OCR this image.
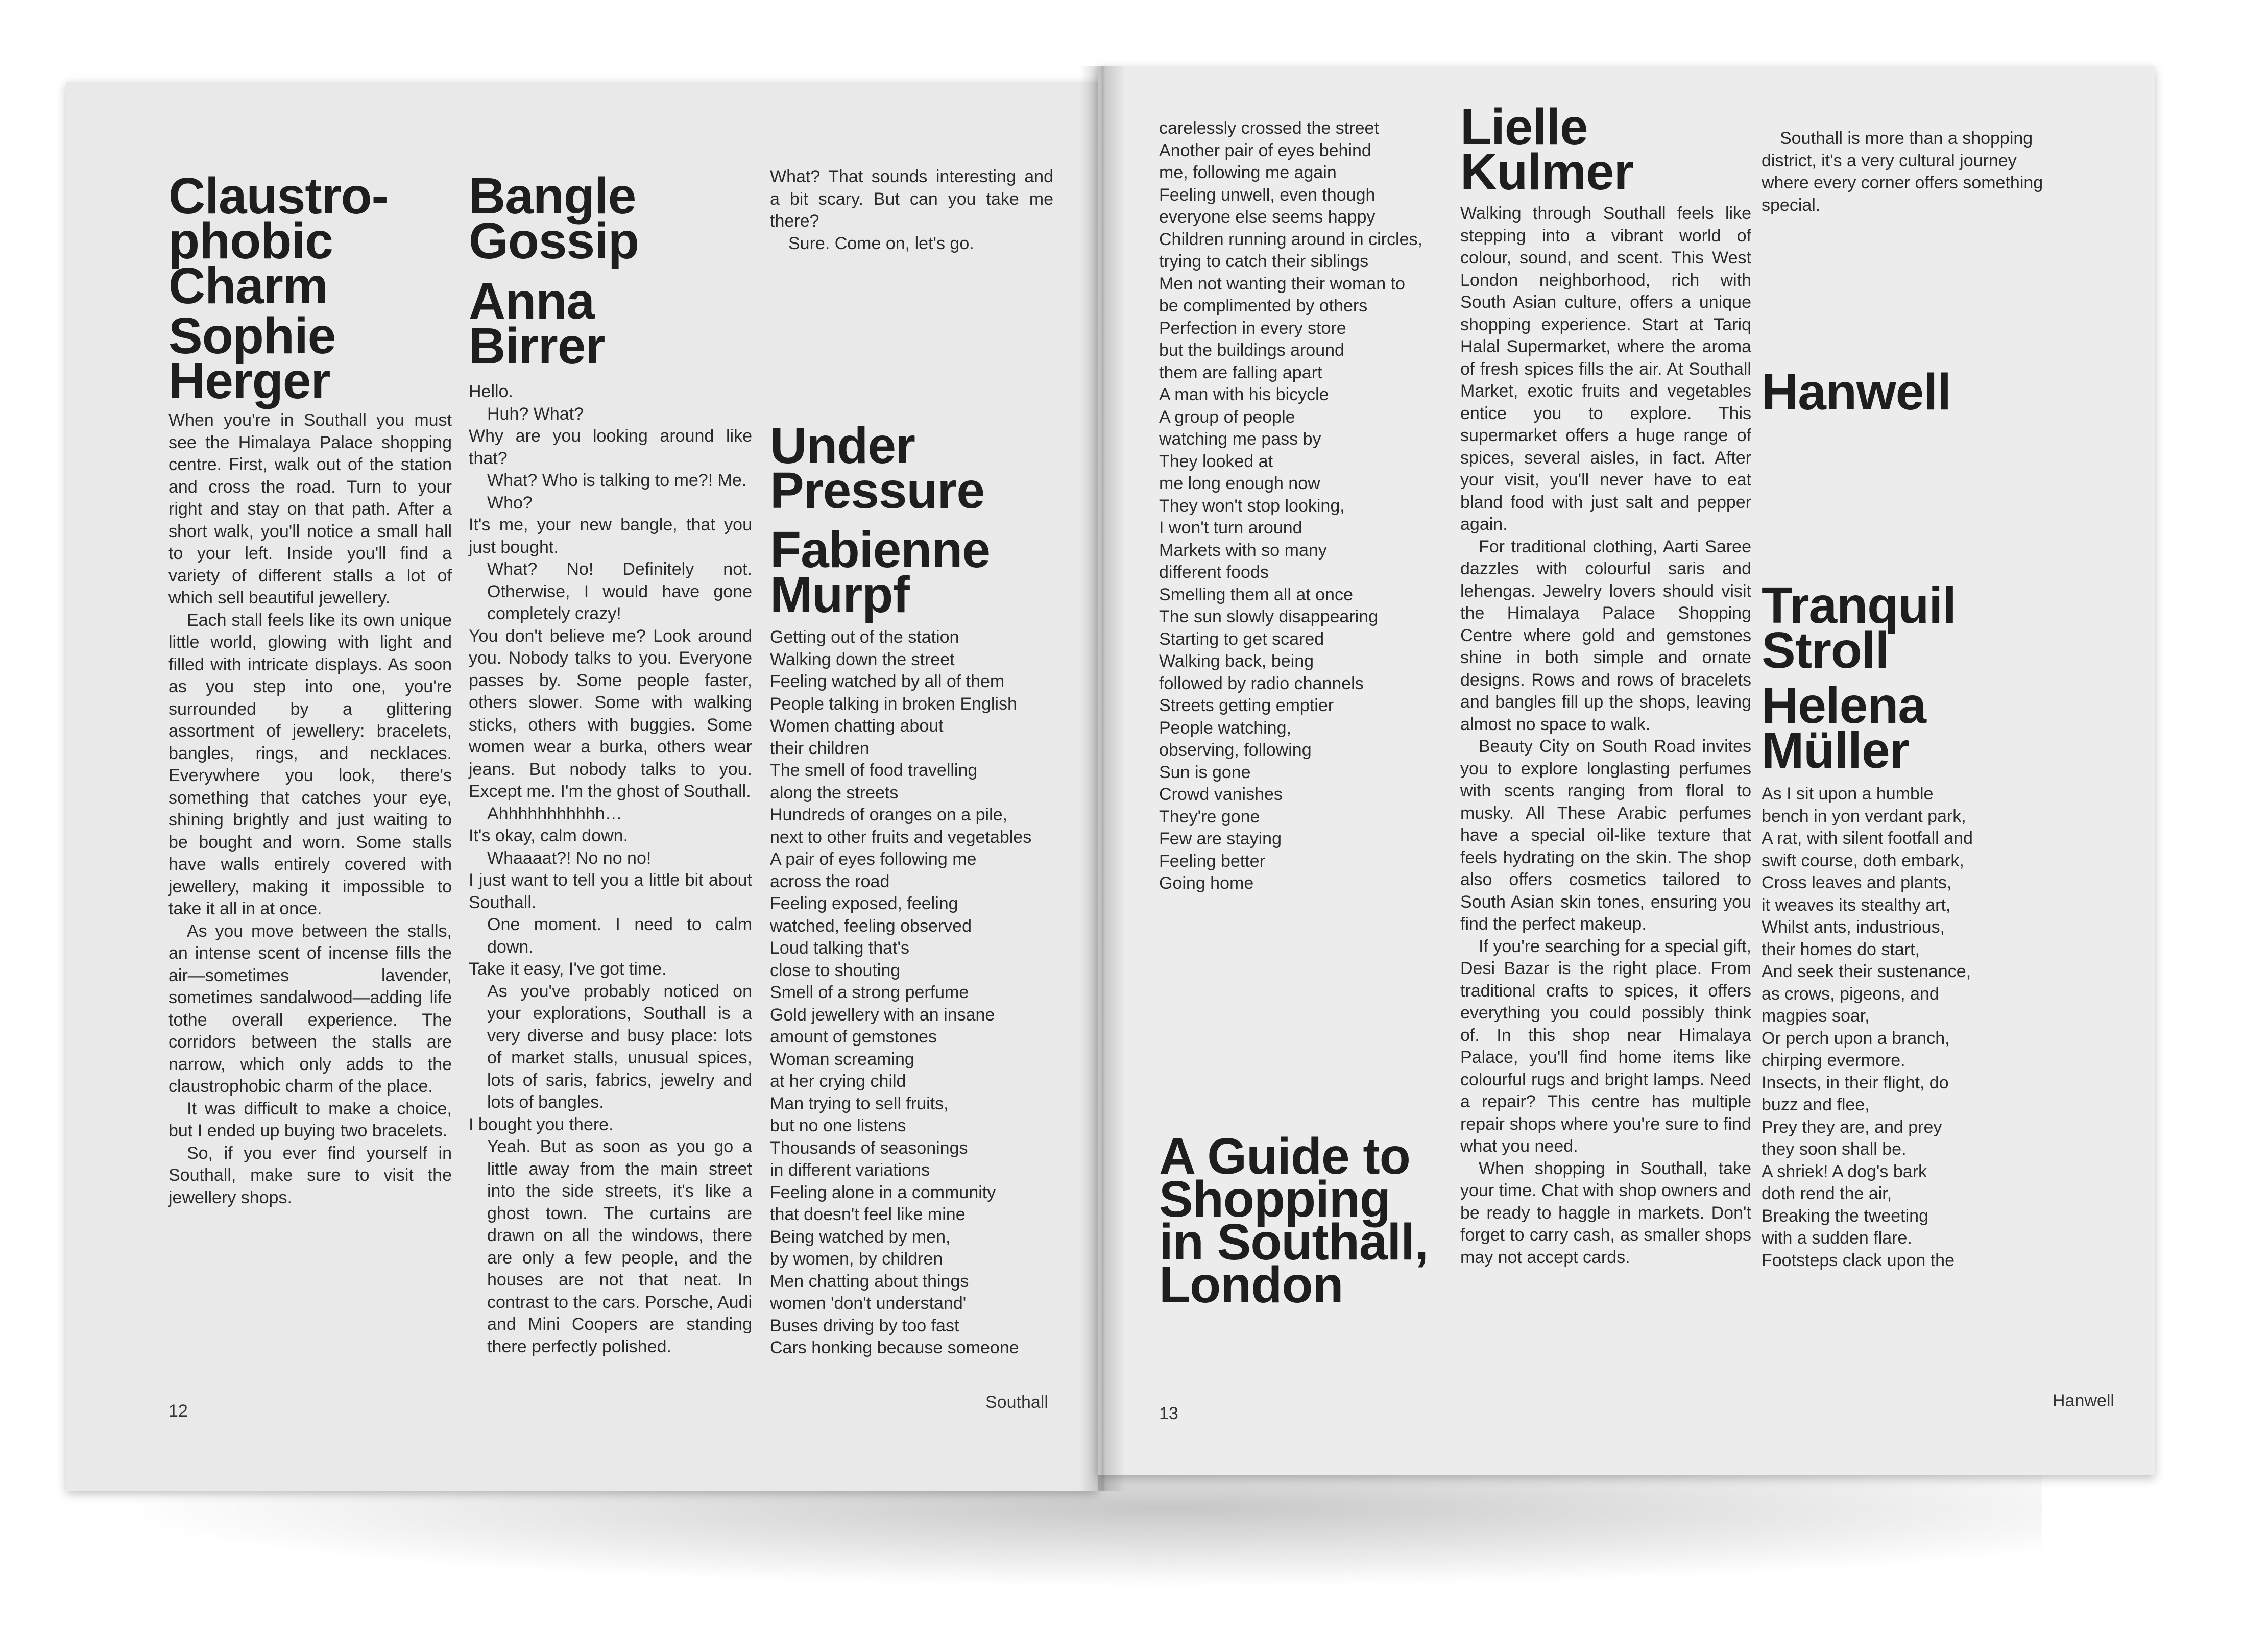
Claustro-
phobic
Charm
Sophie
Herger

When you're in Southall you must see the Himalaya Palace shopping centre. First, walk out of the station and cross the road. Turn to your right and stay on that path. After a short walk, you'll notice a small hall to your left. Inside you'll find a variety of different stalls a lot of which sell beautiful jewellery.

Each stall feels like its own unique little world, glowing with light and filled with intricate displays. As soon as you step into one, you're surrounded by a glittering assortment of jewellery: bracelets, bangles, rings, and necklaces. Everywhere you look, there's something that catches your eye, shining brightly and just waiting to be bought and worn. Some stalls have walls entirely covered with jewellery, making it impossible to take it all in at once.

As you move between the stalls, an intense scent of incense fills the air—sometimes lavender, sometimes sandalwood—adding life tothe overall experience. The corridors between the stalls are narrow, which only adds to the claustrophobic charm of the place.

It was difficult to make a choice, but I ended up buying two bracelets.

So, if you ever find yourself in Southall, make sure to visit the jewellery shops.

Bangle
Gossip
Anna
Birrer

Hello.

Huh? What?

Why are you looking around like that?

What? Who is talking to me?! Me.

Who?

It's me, your new bangle, that you just bought.

What? No! Definitely not. Otherwise, I would have gone completely crazy!

You don't believe me? Look around you. Nobody talks to you. Everyone passes by. Some people faster, others slower. Some with walking sticks, others with buggies. Some women wear a burka, others wear jeans. But nobody talks to you. Except me. I'm the ghost of Southall.

Ahhhhhhhhhhh…

It's okay, calm down.

Whaaaat?! No no no!

I just want to tell you a little bit about Southall.

One moment. I need to calm down.

Take it easy, I've got time.

As you've probably noticed on your explorations, Southall is a very diverse and busy place: lots of market stalls, unusual spices, lots of saris, fabrics, jewelry and lots of bangles.

I bought you there.

Yeah. But as soon as you go a little away from the main street into the side streets, it's like a ghost town. The curtains are drawn on all the windows, there are only a few people, and the houses are not that neat. In contrast to the cars. Porsche, Audi and Mini Coopers are standing there perfectly polished.

What? That sounds interesting and a bit scary. But can you take me there?

Sure. Come on, let's go.

Under
Pressure
Fabienne
Murpf
Getting out of the station
Walking down the street
Feeling watched by all of them
People talking in broken English
Women chatting about
their children
The smell of food travelling
along the streets
Hundreds of oranges on a pile,
next to other fruits and vegetables
A pair of eyes following me
across the road
Feeling exposed, feeling
watched, feeling observed
Loud talking that's
close to shouting
Smell of a strong perfume
Gold jewellery with an insane
amount of gemstones
Woman screaming
at her crying child
Man trying to sell fruits,
but no one listens
Thousands of seasonings
in different variations
Feeling alone in a community
that doesn't feel like mine
Being watched by men,
by women, by children
Men chatting about things
women 'don't understand'
Buses driving by too fast
Cars honking because someone
12	Southall
carelessly crossed the street
Another pair of eyes behind
me, following me again
Feeling unwell, even though
everyone else seems happy
Children running around in circles,
trying to catch their siblings
Men not wanting their woman to
be complimented by others
Perfection in every store
but the buildings around
them are falling apart
A man with his bicycle
A group of people
watching me pass by
They looked at
me long enough now
They won't stop looking,
I won't turn around
Markets with so many
different foods
Smelling them all at once
The sun slowly disappearing
Starting to get scared
Walking back, being
followed by radio channels
Streets getting emptier
People watching,
observing, following
Sun is gone
Crowd vanishes
They're gone
Few are staying
Feeling better
Going home
A Guide to
Shopping
in Southall,
London
Lielle
Kulmer

Walking through Southall feels like stepping into a vibrant world of colour, sound, and scent. This West London neighborhood, rich with South Asian culture, offers a unique shopping experience. Start at Tariq Halal Supermarket, where the aroma of fresh spices fills the air. At Southall Market, exotic fruits and vegetables entice you to explore. This supermarket offers a huge range of spices, several aisles, in fact. After your visit, you'll never have to eat bland food with just salt and pepper again.

For traditional clothing, Aarti Saree dazzles with colourful saris and lehengas. Jewelry lovers should visit the Himalaya Palace Shopping Centre where gold and gemstones shine in both simple and ornate designs. Rows and rows of bracelets and bangles fill up the shops, leaving almost no space to walk.

Beauty City on South Road invites you to explore longlasting perfumes with scents ranging from floral to musky. All These Arabic perfumes have a special oil-like texture that feels hydrating on the skin. The shop also offers cosmetics tailored to South Asian skin tones, ensuring you find the perfect makeup.

If you're searching for a special gift, Desi Bazar is the right place. From traditional crafts to spices, it offers everything you could possibly think of. In this shop near Himalaya Palace, you'll find home items like colourful rugs and bright lamps. Need a repair? This centre has multiple repair shops where you're sure to find what you need.

When shopping in Southall, take your time. Chat with shop owners and be ready to haggle in markets. Don't forget to carry cash, as smaller shops may not accept cards.

Southall is more than a shopping district, it's a very cultural journey where every corner offers something special.

Hanwell
Tranquil
Stroll
Helena
Müller
As I sit upon a humble
bench in yon verdant park,
A rat, with silent footfall and
swift course, doth embark,
Cross leaves and plants,
it weaves its stealthy art,
Whilst ants, industrious,
their homes do start,
And seek their sustenance,
as crows, pigeons, and
magpies soar,
Or perch upon a branch,
chirping evermore.
Insects, in their flight, do
buzz and flee,
Prey they are, and prey
they soon shall be.
A shriek! A dog's bark
doth rend the air,
Breaking the tweeting
with a sudden flare.
Footsteps clack upon the
13
Hanwell
